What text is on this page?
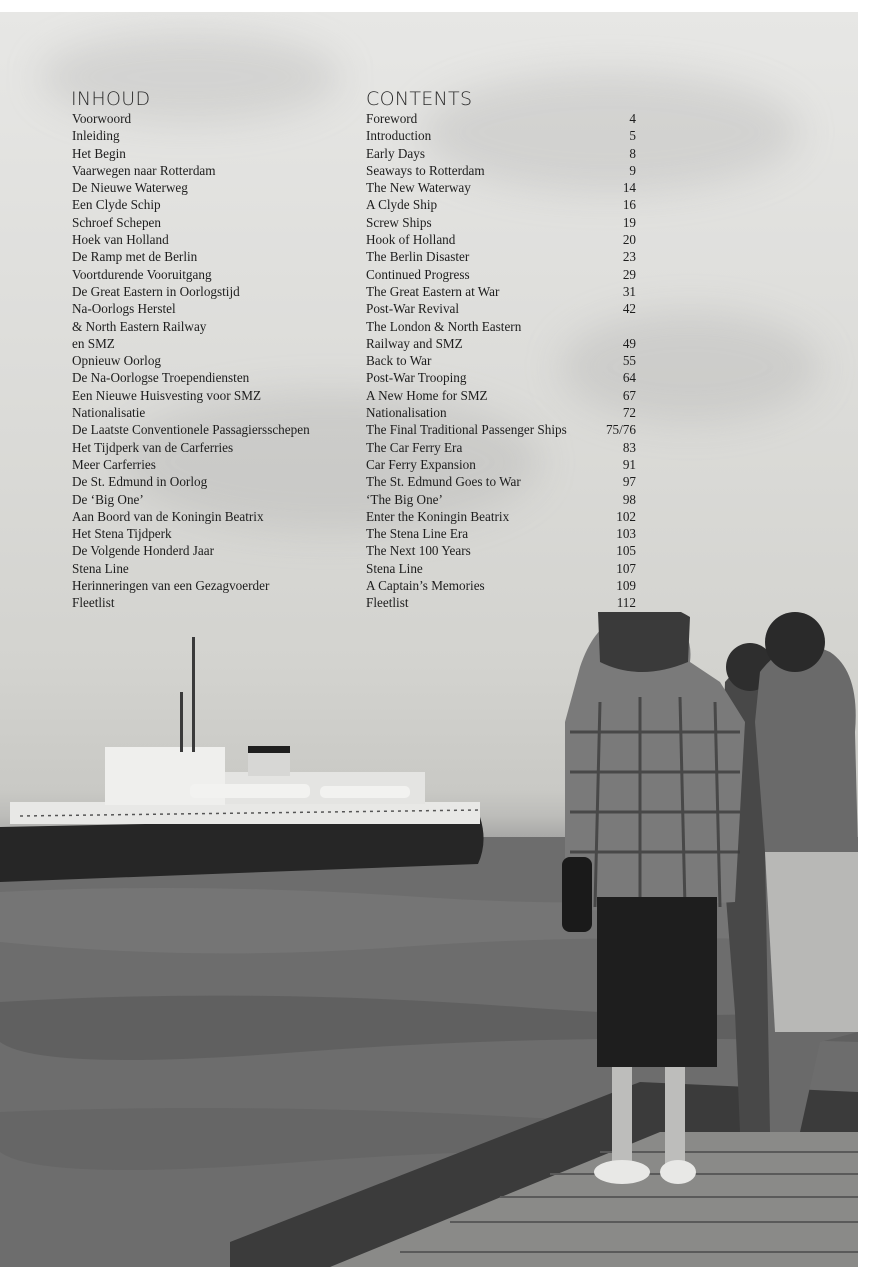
INHOUD
Voorwoord
Inleiding
Het Begin
Vaarwegen naar Rotterdam
De Nieuwe Waterweg
Een Clyde Schip
Schroef Schepen
Hoek van Holland
De Ramp met de Berlin
Voortdurende Vooruitgang
De Great Eastern in Oorlogstijd
Na-Oorlogs Herstel
& North Eastern Railway
en SMZ
Opnieuw Oorlog
De Na-Oorlogse Troependiensten
Een Nieuwe Huisvesting voor SMZ
Nationalisatie
De Laatste Conventionele Passagiersschepen
Het Tijdperk van de Carferries
Meer Carferries
De St. Edmund in Oorlog
De ‘Big One’
Aan Boord van de Koningin Beatrix
Het Stena Tijdperk
De Volgende Honderd Jaar
Stena Line
Herinneringen van een Gezagvoerder
Fleetlist
CONTENTS
Foreword	4
Introduction	5
Early Days	8
Seaways to Rotterdam	9
The New Waterway	14
A Clyde Ship	16
Screw Ships	19
Hook of Holland	20
The Berlin Disaster	23
Continued Progress	29
The Great Eastern at War	31
Post-War Revival	42
The London & North Eastern
Railway and SMZ	49
Back to War	55
Post-War Trooping	64
A New Home for SMZ	67
Nationalisation	72
The Final Traditional Passenger Ships	75/76
The Car Ferry Era	83
Car Ferry Expansion	91
The St. Edmund Goes to War	97
‘The Big One’	98
Enter the Koningin Beatrix	102
The Stena Line Era	103
The Next 100 Years	105
Stena Line	107
A Captain’s Memories	109
Fleetlist	112
